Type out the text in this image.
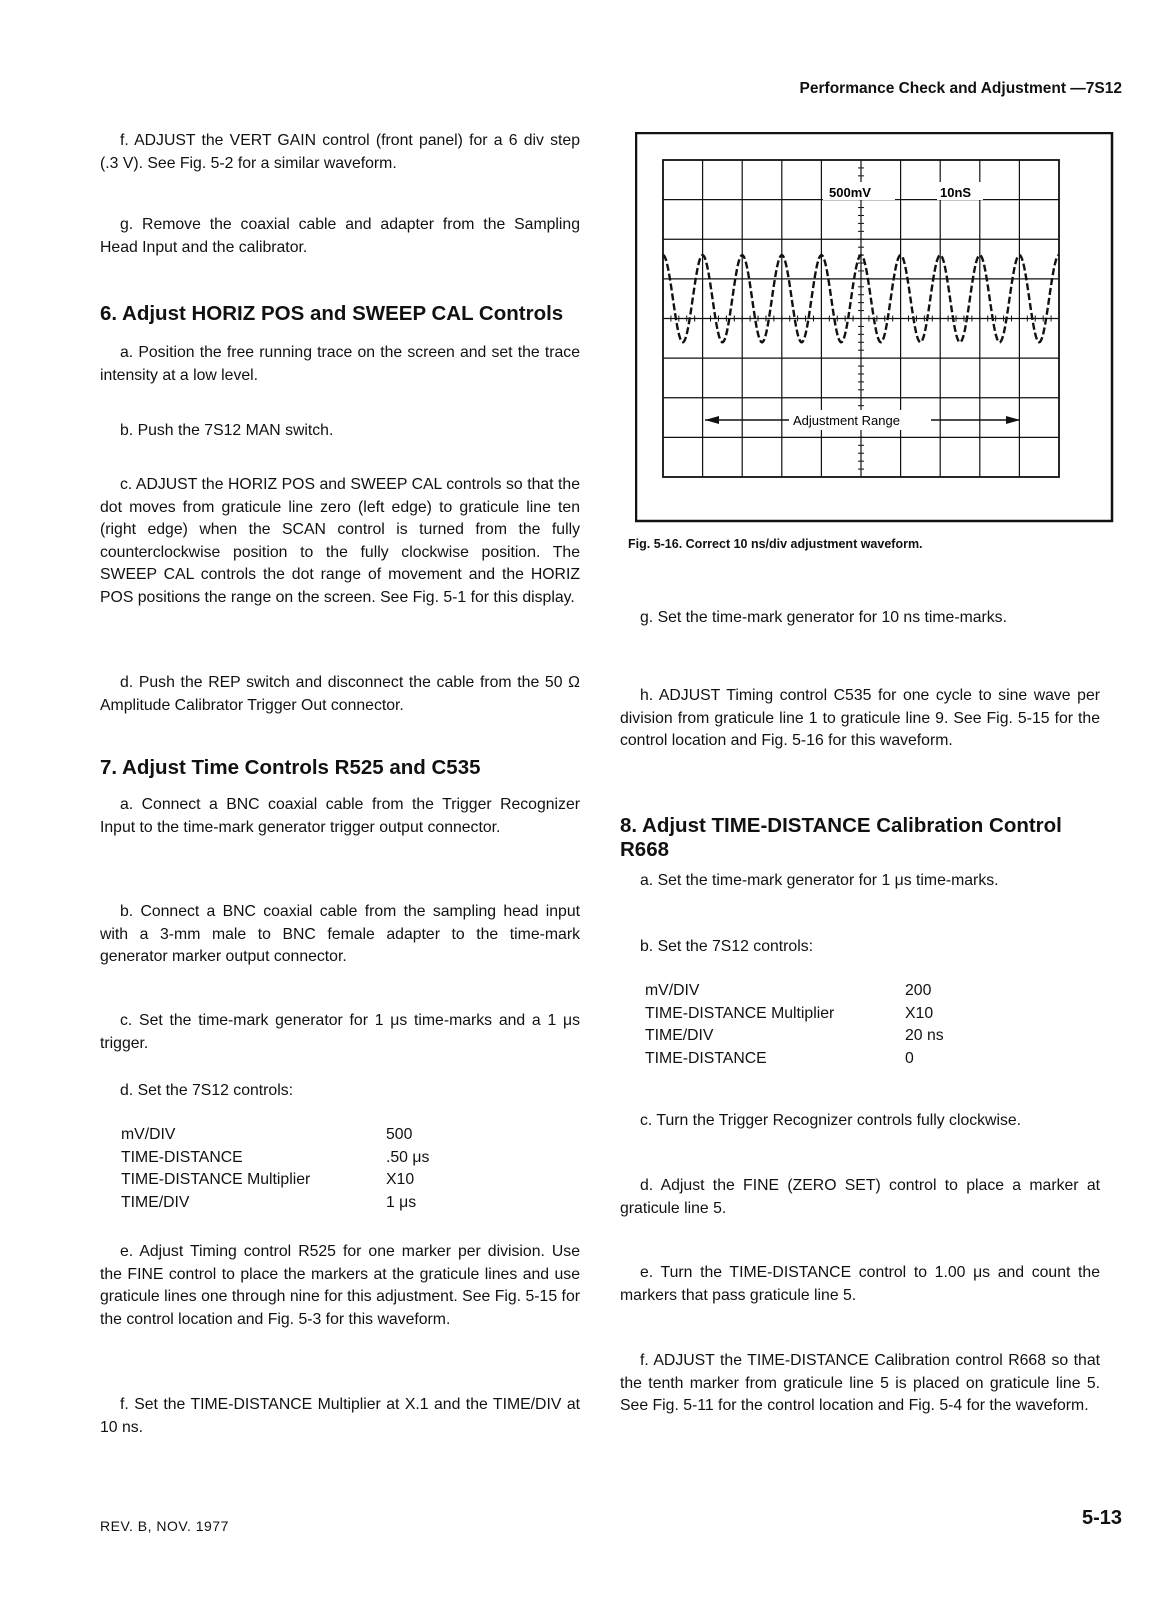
Performance Check and Adjustment —7S12

f. ADJUST the VERT GAIN control (front panel) for a 6 div step (.3 V). See Fig. 5-2 for a similar waveform.

g. Remove the coaxial cable and adapter from the Sampling Head Input and the calibrator.

6. Adjust HORIZ POS and SWEEP CAL Controls

a. Position the free running trace on the screen and set the trace intensity at a low level.

b. Push the 7S12 MAN switch.

c. ADJUST the HORIZ POS and SWEEP CAL controls so that the dot moves from graticule line zero (left edge) to graticule line ten (right edge) when the SCAN control is turned from the fully counterclockwise position to the fully clockwise position. The SWEEP CAL controls the dot range of movement and the HORIZ POS positions the range on the screen. See Fig. 5-1 for this display.

d. Push the REP switch and disconnect the cable from the 50 Ω Amplitude Calibrator Trigger Out connector.

7. Adjust Time Controls R525 and C535

a. Connect a BNC coaxial cable from the Trigger Recognizer Input to the time-mark generator trigger output connector.

b. Connect a BNC coaxial cable from the sampling head input with a 3-mm male to BNC female adapter to the time-mark generator marker output connector.

c. Set the time-mark generator for 1 μs time-marks and a 1 μs trigger.

d. Set the 7S12 controls:

mV/DIV	500
TIME-DISTANCE	.50 μs
TIME-DISTANCE Multiplier	X10
TIME/DIV	1 μs

e. Adjust Timing control R525 for one marker per division. Use the FINE control to place the markers at the graticule lines and use graticule lines one through nine for this adjustment. See Fig. 5-15 for the control location and Fig. 5-3 for this waveform.

f. Set the TIME-DISTANCE Multiplier at X.1 and the TIME/DIV at 10 ns.

500mV	10nS
Adjustment Range

Fig. 5-16. Correct 10 ns/div adjustment waveform.

g. Set the time-mark generator for 10 ns time-marks.

h. ADJUST Timing control C535 for one cycle to sine wave per division from graticule line 1 to graticule line 9. See Fig. 5-15 for the control location and Fig. 5-16 for this waveform.

8. Adjust TIME-DISTANCE Calibration Control R668

a. Set the time-mark generator for 1 μs time-marks.

b. Set the 7S12 controls:

mV/DIV	200
TIME-DISTANCE Multiplier	X10
TIME/DIV	20 ns
TIME-DISTANCE	0

c. Turn the Trigger Recognizer controls fully clockwise.

d. Adjust the FINE (ZERO SET) control to place a marker at graticule line 5.

e. Turn the TIME-DISTANCE control to 1.00 μs and count the markers that pass graticule line 5.

f. ADJUST the TIME-DISTANCE Calibration control R668 so that the tenth marker from graticule line 5 is placed on graticule line 5. See Fig. 5-11 for the control location and Fig. 5-4 for the waveform.

REV. B, NOV. 1977	5-13
